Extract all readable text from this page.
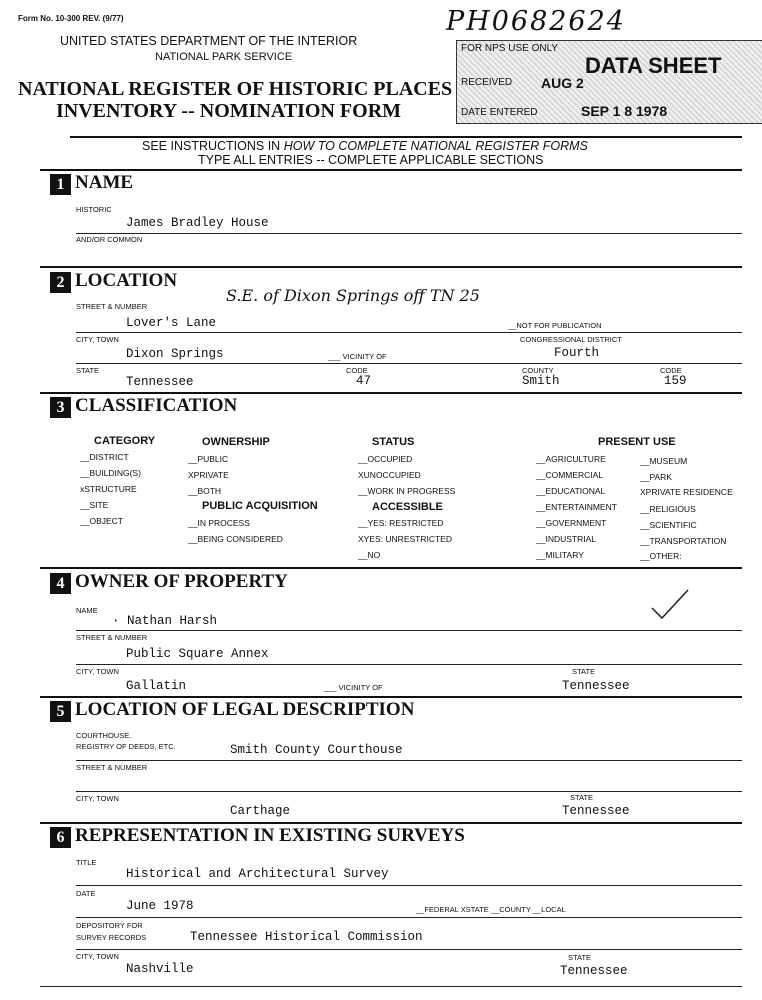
Form No. 10-300 REV. (9/77)
UNITED STATES DEPARTMENT OF THE INTERIOR
NATIONAL PARK SERVICE
NATIONAL REGISTER OF HISTORIC PLACES
INVENTORY -- NOMINATION FORM
PH0682624
FOR NPS USE ONLY
RECEIVED AUG 2
DATE ENTERED	SEP 1 8 1978
DATA SHEET
SEE INSTRUCTIONS IN HOW TO COMPLETE NATIONAL REGISTER FORMS
TYPE ALL ENTRIES -- COMPLETE APPLICABLE SECTIONS
1 NAME
HISTORIC
James Bradley House
AND/OR COMMON
2 LOCATION
STREET & NUMBER
S.E. of Dixon Springs off TN 25
Lover's Lane	__NOT FOR PUBLICATION
CITY, TOWN	CONGRESSIONAL DISTRICT
Dixon Springs	___ VICINITY OF	Fourth
STATE	CODE	COUNTY	CODE
Tennessee	47	Smith	159
3 CLASSIFICATION
CATEGORY	OWNERSHIP	STATUS	PRESENT USE
__DISTRICT
__BUILDING(S)
xSTRUCTURE
__SITE
__OBJECT
__PUBLIC
XPRIVATE
__BOTH
PUBLIC ACQUISITION
__IN PROCESS
__BEING CONSIDERED
__OCCUPIED
XUNOCCUPIED
__WORK IN PROGRESS
ACCESSIBLE
__YES: RESTRICTED
XYES: UNRESTRICTED
__NO
__AGRICULTURE
__COMMERCIAL
__EDUCATIONAL
__ENTERTAINMENT
__GOVERNMENT
__INDUSTRIAL
__MILITARY
__MUSEUM
__PARK
XPRIVATE RESIDENCE
__RELIGIOUS
__SCIENTIFIC
__TRANSPORTATION
__OTHER:
4 OWNER OF PROPERTY
NAME
· Nathan Harsh
STREET & NUMBER
Public Square Annex
CITY, TOWN	STATE
Gallatin	___ VICINITY OF	Tennessee
5 LOCATION OF LEGAL DESCRIPTION
COURTHOUSE.
REGISTRY OF DEEDS, ETC.	Smith County Courthouse
STREET & NUMBER
CITY, TOWN	STATE
Carthage	Tennessee
6 REPRESENTATION IN EXISTING SURVEYS
TITLE
Historical and Architectural Survey
DATE
June 1978	__FEDERAL XSTATE __COUNTY __LOCAL
DEPOSITORY FOR
SURVEY RECORDS	Tennessee Historical Commission
CITY, TOWN	STATE
Nashville	Tennessee
